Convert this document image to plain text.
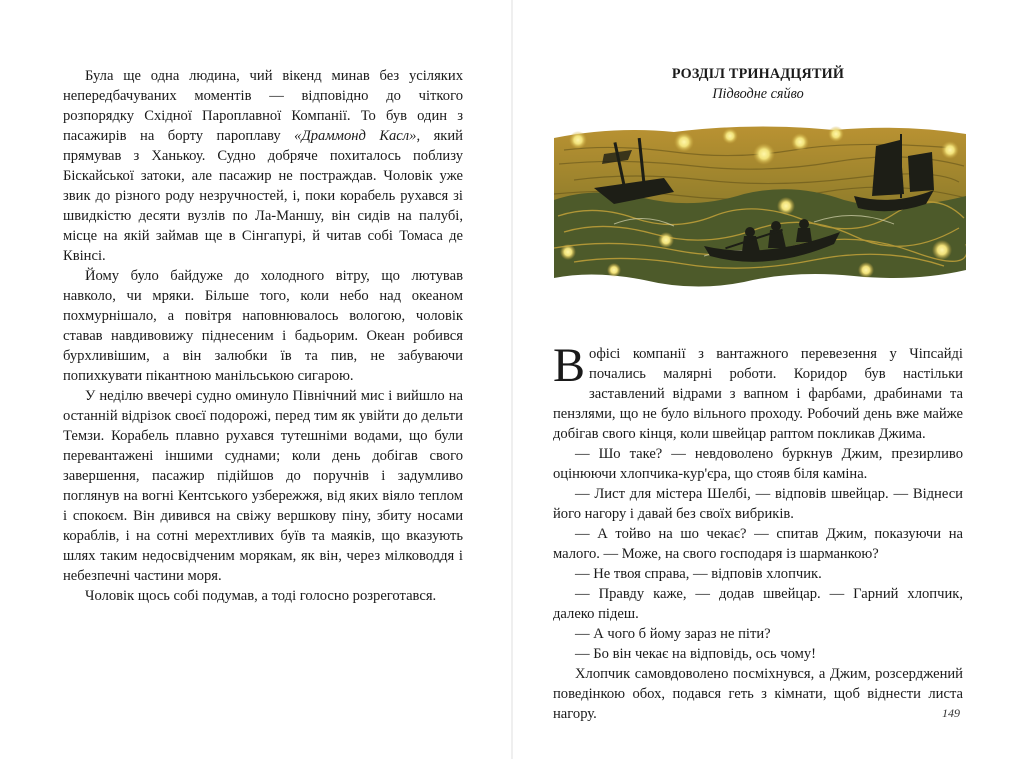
Була ще одна людина, чий вікенд минав без усіляких непередбачуваних моментів — відповідно до чіткого розпорядку Східної Пароплавної Компанії. То був один з пасажирів на борту пароплаву «Драммонд Касл», який прямував з Ханькоу. Судно добряче похиталось поблизу Біскайської затоки, але пасажир не постраждав. Чоловік уже звик до різного роду незручностей, і, поки корабель рухався зі швидкістю десяти вузлів по Ла-Маншу, він сидів на палубі, місце на якій займав ще в Сінгапурі, й читав собі Томаса де Квінсі.

Йому було байдуже до холодного вітру, що лютував навколо, чи мряки. Більше того, коли небо над океаном похмурнішало, а повітря наповнювалось вологою, чоловік ставав навдивовижу піднесеним і бадьорим. Океан робився бурхливішим, а він залюбки їв та пив, не забуваючи попихкувати пікантною манільською сигарою.

У неділю ввечері судно оминуло Північний мис і вийшло на останній відрізок своєї подорожі, перед тим як увійти до дельти Темзи. Корабель плавно рухався тутешніми водами, що були перевантажені іншими суднами; коли день добігав свого завершення, пасажир підійшов до поручнів і задумливо поглянув на вогні Кентського узбережжя, від яких віяло теплом і спокоєм. Він дивився на свіжу вершкову піну, збиту носами кораблів, і на сотні мерехтливих буїв та маяків, що вказують шлях таким недосвідченим морякам, як він, через мілководдя і небезпечні частини моря.

Чоловік щось собі подумав, а тоді голосно розреготався.

РОЗДІЛ ТРИНАДЦЯТИЙ
Підводне сяйво

Вофісі компанії з вантажного перевезення у Чіпсайді почались малярні роботи. Коридор був настільки заставлений відрами з вапном і фарбами, драбинами та пензлями, що не було вільного проходу. Робочий день вже майже добігав свого кінця, коли швейцар раптом покликав Джима.

— Шо таке? — невдоволено буркнув Джим, презирливо оцінюючи хлопчика-кур'єра, що стояв біля каміна.

— Лист для містера Шелбі, — відповів швейцар. — Віднеси його нагору і давай без своїх вибриків.

— А тойво на шо чекає? — спитав Джим, показуючи на малого. — Може, на свого господаря із шарманкою?

— Не твоя справа, — відповів хлопчик.

— Правду каже, — додав швейцар. — Гарний хлопчик, далеко підеш.

— А чого б йому зараз не піти?

— Бо він чекає на відповідь, ось чому!

Хлопчик самовдоволено посміхнувся, а Джим, розсерджений поведінкою обох, подався геть з кімнати, щоб віднести листа нагору.	149
